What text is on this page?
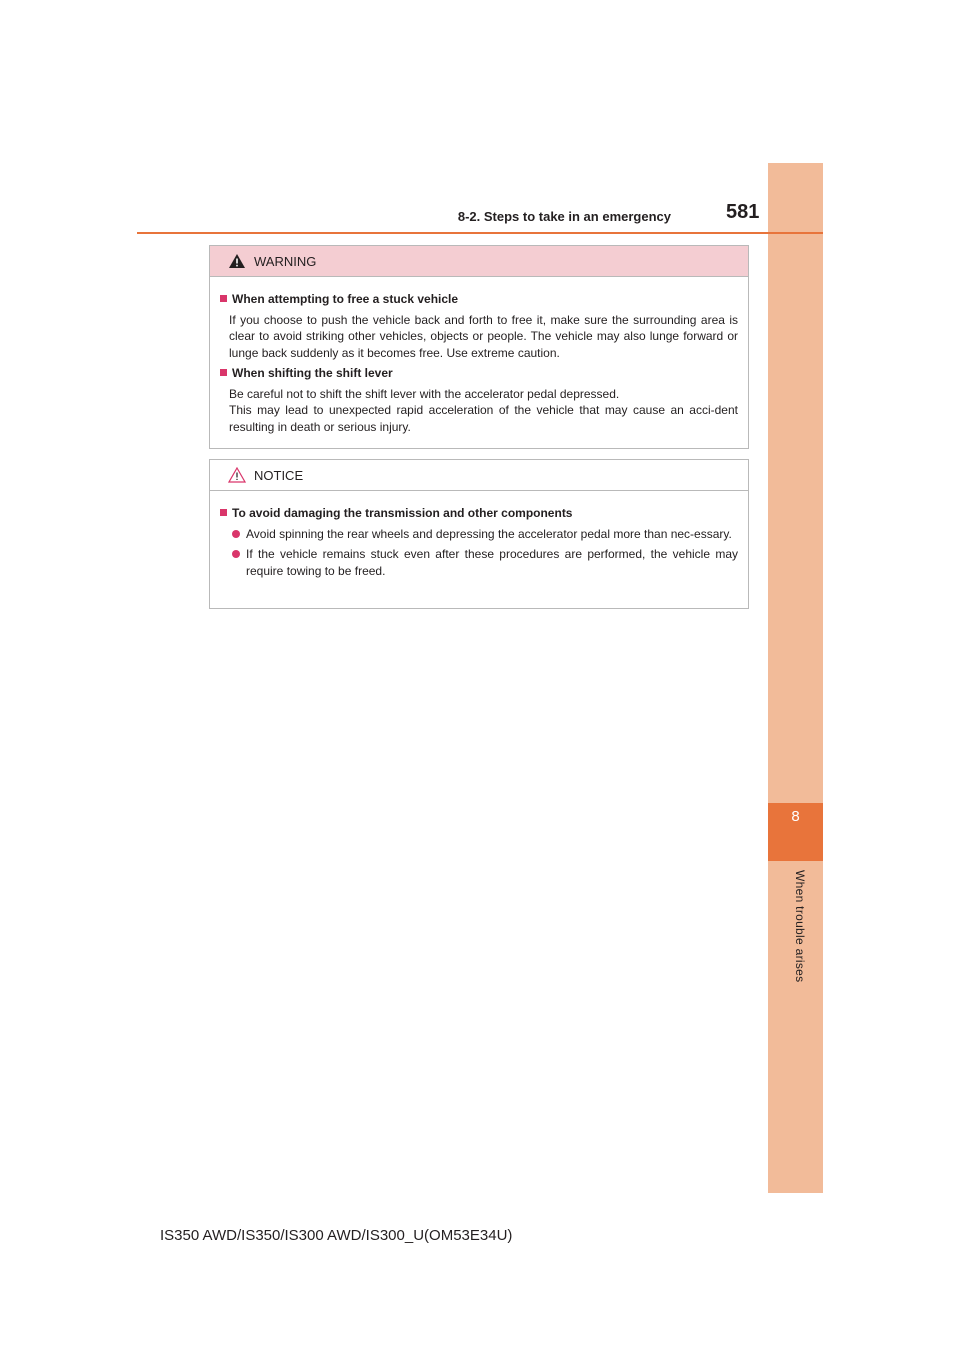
8
When trouble arises
8-2. Steps to take in an emergency	581
WARNING
When attempting to free a stuck vehicle
If you choose to push the vehicle back and forth to free it, make sure the surrounding area is clear to avoid striking other vehicles, objects or people. The vehicle may also lunge forward or lunge back suddenly as it becomes free. Use extreme caution.
When shifting the shift lever
Be careful not to shift the shift lever with the accelerator pedal depressed.
This may lead to unexpected rapid acceleration of the vehicle that may cause an acci-dent resulting in death or serious injury.
NOTICE
To avoid damaging the transmission and other components
Avoid spinning the rear wheels and depressing the accelerator pedal more than nec-essary.
If the vehicle remains stuck even after these procedures are performed, the vehicle may require towing to be freed.
IS350 AWD/IS350/IS300 AWD/IS300_U(OM53E34U)
